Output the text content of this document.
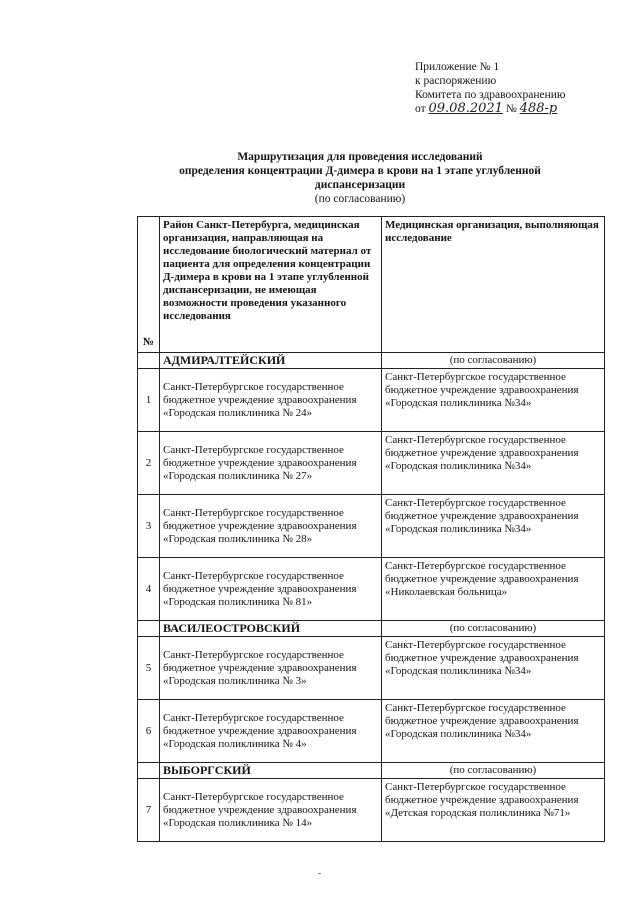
Приложение № 1
к распоряжению
Комитета по здравоохранению
от 09.08.2021 № 488-р
Маршрутизация для проведения исследований
определения концентрации Д-димера в крови на 1 этапе углубленной
диспансеризации
(по согласованию)
№	Район Санкт-Петербурга, медицинская организация, направляющая на исследование биологический материал от пациента для определения концентрации Д-димера в крови на 1 этапе углубленной диспансеризации, не имеющая возможности проведения указанного исследования	Медицинская организация, выполняющая исследование
	АДМИРАЛТЕЙСКИЙ	(по согласованию)
1	Санкт-Петербургское государственное бюджетное учреждение здравоохранения «Городская поликлиника № 24»	Санкт-Петербургское государственное бюджетное учреждение здравоохранения «Городская поликлиника №34»
2	Санкт-Петербургское государственное бюджетное учреждение здравоохранения «Городская поликлиника № 27»	Санкт-Петербургское государственное бюджетное учреждение здравоохранения «Городская поликлиника №34»
3	Санкт-Петербургское государственное бюджетное учреждение здравоохранения «Городская поликлиника № 28»	Санкт-Петербургское государственное бюджетное учреждение здравоохранения «Городская поликлиника №34»
4	Санкт-Петербургское государственное бюджетное учреждение здравоохранения «Городская поликлиника № 81»	Санкт-Петербургское государственное бюджетное учреждение здравоохранения «Николаевская больница»
	ВАСИЛЕОСТРОВСКИЙ	(по согласованию)
5	Санкт-Петербургское государственное бюджетное учреждение здравоохранения «Городская поликлиника № 3»	Санкт-Петербургское государственное бюджетное учреждение здравоохранения «Городская поликлиника №34»
6	Санкт-Петербургское государственное бюджетное учреждение здравоохранения «Городская поликлиника № 4»	Санкт-Петербургское государственное бюджетное учреждение здравоохранения «Городская поликлиника №34»
	ВЫБОРГСКИЙ	(по согласованию)
7	Санкт-Петербургское государственное бюджетное учреждение здравоохранения «Городская поликлиника № 14»	Санкт-Петербургское государственное бюджетное учреждение здравоохранения «Детская городская поликлиника №71»
-
